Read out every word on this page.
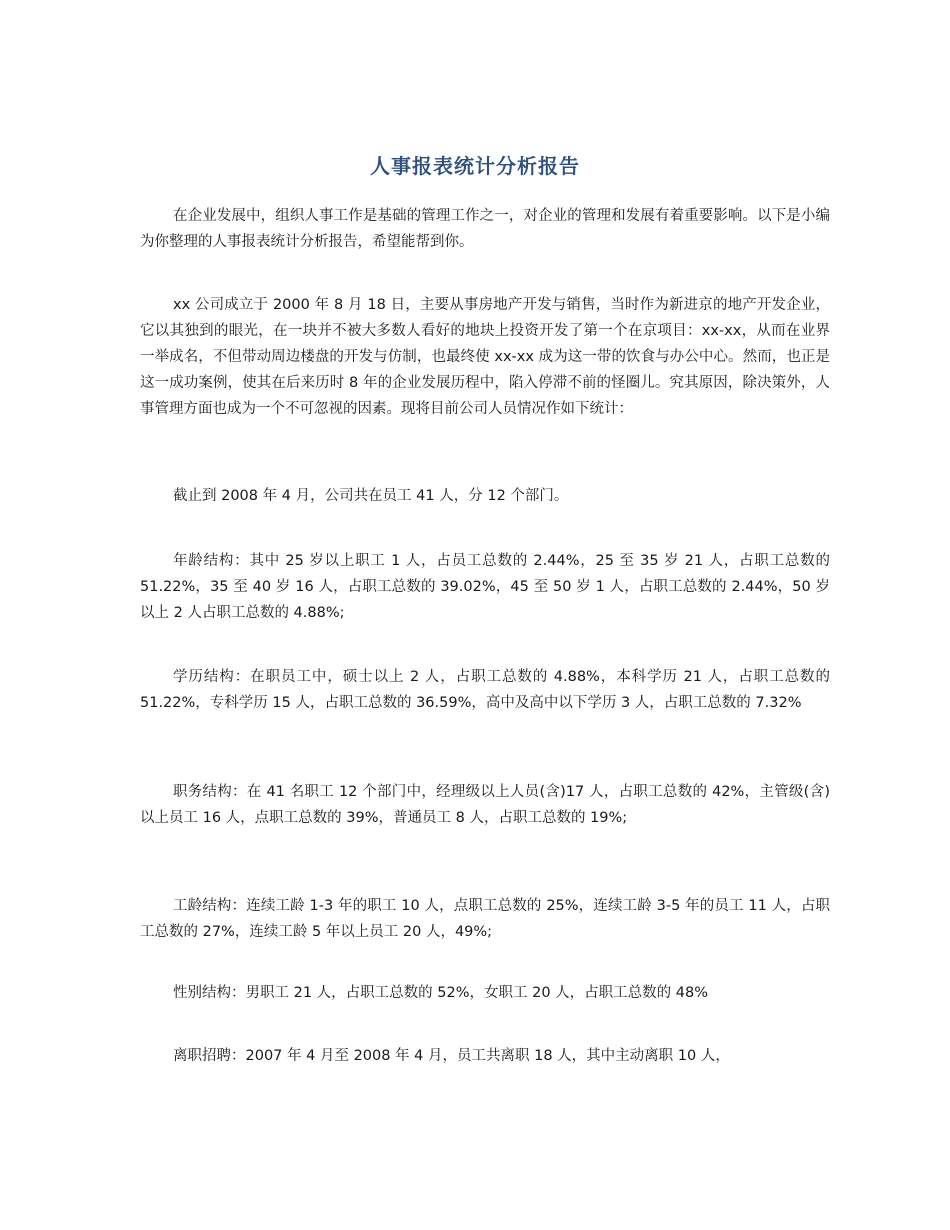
人事报表统计分析报告

在企业发展中，组织人事工作是基础的管理工作之一，对企业的管理和发展有着重要影响。以下是小编为你整理的人事报表统计分析报告，希望能帮到你。

xx 公司成立于 2000 年 8 月 18 日，主要从事房地产开发与销售，当时作为新进京的地产开发企业，它以其独到的眼光，在一块并不被大多数人看好的地块上投资开发了第一个在京项目：xx-xx，从而在业界一举成名，不但带动周边楼盘的开发与仿制，也最终使 xx-xx 成为这一带的饮食与办公中心。然而，也正是这一成功案例，使其在后来历时 8 年的企业发展历程中，陷入停滞不前的怪圈儿。究其原因，除决策外，人事管理方面也成为一个不可忽视的因素。现将目前公司人员情况作如下统计：

截止到 2008 年 4 月，公司共在员工 41 人，分 12 个部门。

年龄结构：其中 25 岁以上职工 1 人，占员工总数的 2.44%，25 至 35 岁 21 人，占职工总数的 51.22%，35 至 40 岁 16 人，占职工总数的 39.02%，45 至 50 岁 1 人，占职工总数的 2.44%，50 岁以上 2 人占职工总数的 4.88%;

学历结构：在职员工中，硕士以上 2 人，占职工总数的 4.88%，本科学历 21 人，占职工总数的 51.22%，专科学历 15 人，占职工总数的 36.59%，高中及高中以下学历 3 人，占职工总数的 7.32%

职务结构：在 41 名职工 12 个部门中，经理级以上人员(含)17 人，占职工总数的 42%，主管级(含)以上员工 16 人，点职工总数的 39%，普通员工 8 人，占职工总数的 19%;

工龄结构：连续工龄 1-3 年的职工 10 人，点职工总数的 25%，连续工龄 3-5 年的员工 11 人，占职工总数的 27%，连续工龄 5 年以上员工 20 人，49%;

性别结构：男职工 21 人，占职工总数的 52%，女职工 20 人，占职工总数的 48%

离职招聘：2007 年 4 月至 2008 年 4 月，员工共离职 18 人，其中主动离职 10 人，
